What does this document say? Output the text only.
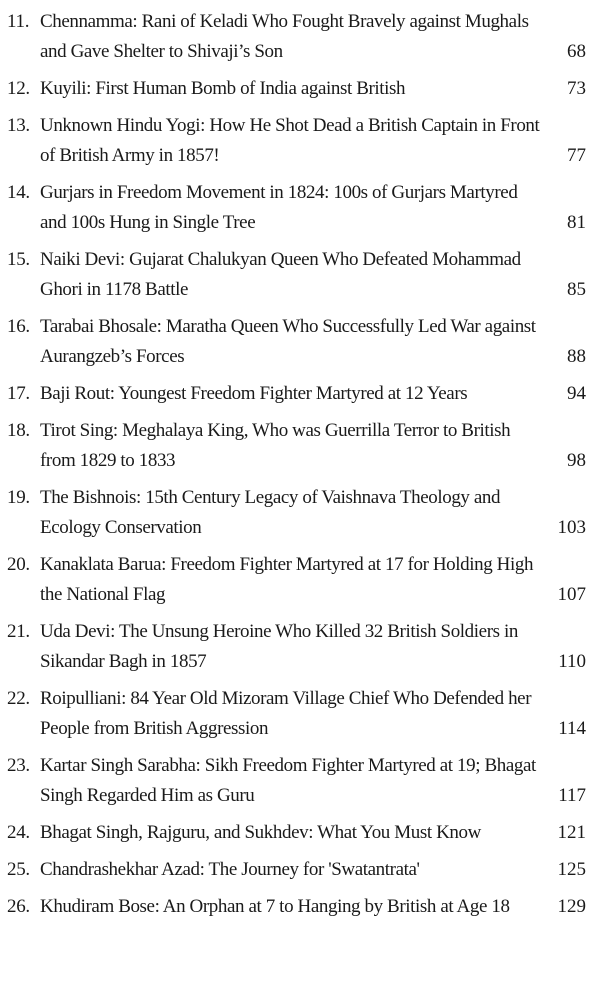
11. Chennamma: Rani of Keladi Who Fought Bravely against Mughals and Gave Shelter to Shivaji’s Son	68
12. Kuyili: First Human Bomb of India against British	73
13. Unknown Hindu Yogi: How He Shot Dead a British Captain in Front of British Army in 1857!	77
14. Gurjars in Freedom Movement in 1824: 100s of Gurjars Martyred and 100s Hung in Single Tree	81
15. Naiki Devi: Gujarat Chalukyan Queen Who Defeated Mohammad Ghori in 1178 Battle	85
16. Tarabai Bhosale: Maratha Queen Who Successfully Led War against Aurangzeb’s Forces	88
17. Baji Rout: Youngest Freedom Fighter Martyred at 12 Years	94
18. Tirot Sing: Meghalaya King, Who was Guerrilla Terror to British from 1829 to 1833	98
19. The Bishnois: 15th Century Legacy of Vaishnava Theology and Ecology Conservation	103
20. Kanaklata Barua: Freedom Fighter Martyred at 17 for Holding High the National Flag	107
21. Uda Devi: The Unsung Heroine Who Killed 32 British Soldiers in Sikandar Bagh in 1857	110
22. Roipulliani: 84 Year Old Mizoram Village Chief Who Defended her People from British Aggression	114
23. Kartar Singh Sarabha: Sikh Freedom Fighter Martyred at 19; Bhagat Singh Regarded Him as Guru	117
24. Bhagat Singh, Rajguru, and Sukhdev: What You Must Know	121
25. Chandrashekhar Azad: The Journey for 'Swatantrata'	125
26. Khudiram Bose: An Orphan at 7 to Hanging by British at Age 18	129
